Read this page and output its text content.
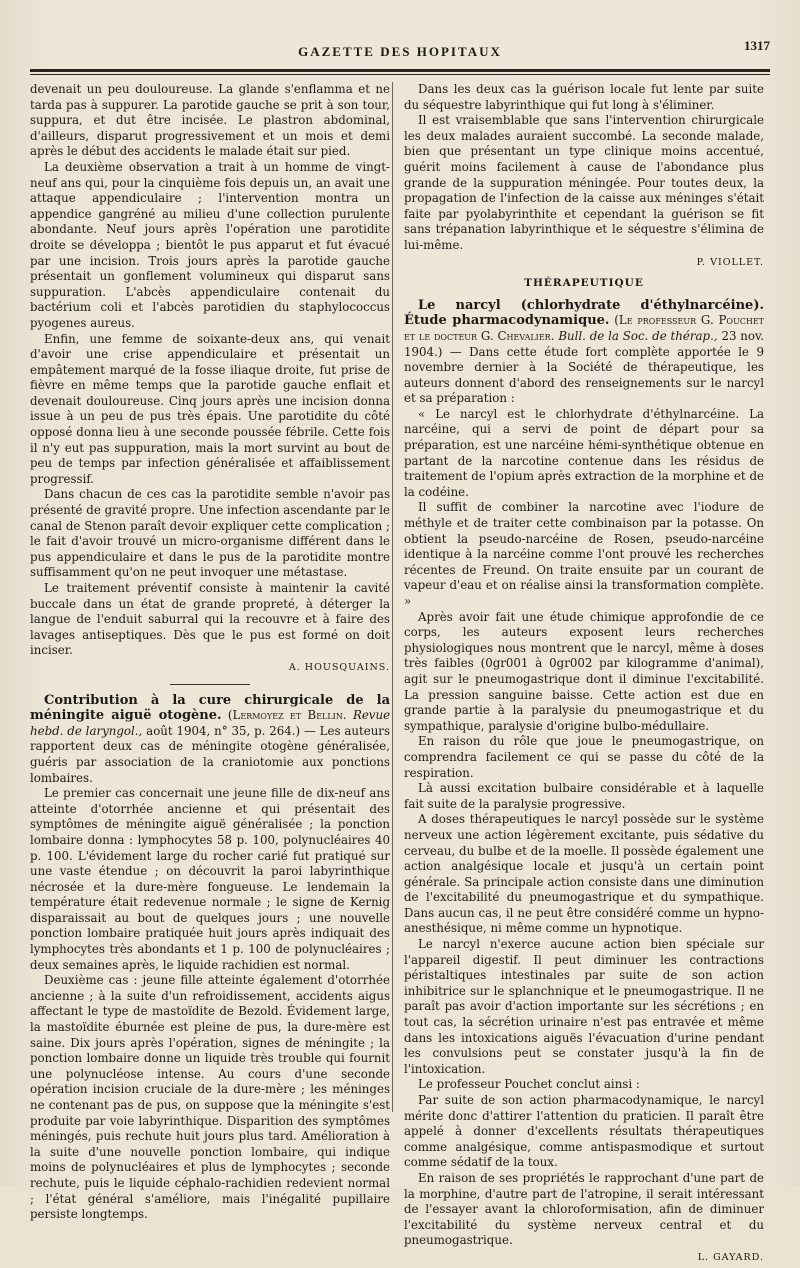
GAZETTE DES HOPITAUX	1317

devenait un peu douloureuse. La glande s'enflamma et ne tarda pas à suppurer. La parotide gauche se prit à son tour, suppura, et dut être incisée. Le plastron abdominal, d'ailleurs, disparut progressivement et un mois et demi après le début des accidents le malade était sur pied.

La deuxième observation a trait à un homme de vingt-neuf ans qui, pour la cinquième fois depuis un, an avait une attaque appendiculaire ; l'intervention montra un appendice gangréné au milieu d'une collection purulente abondante. Neuf jours après l'opération une parotidite droite se développa ; bientôt le pus apparut et fut évacué par une incision. Trois jours après la parotide gauche présentait un gonflement volumineux qui disparut sans suppuration. L'abcès appendiculaire contenait du bactérium coli et l'abcès parotidien du staphylococcus pyogenes aureus.

Enfin, une femme de soixante-deux ans, qui venait d'avoir une crise appendiculaire et présentait un empâtement marqué de la fosse iliaque droite, fut prise de fièvre en même temps que la parotide gauche enflait et devenait douloureuse. Cinq jours après une incision donna issue à un peu de pus très épais. Une parotidite du côté opposé donna lieu à une seconde poussée fébrile. Cette fois il n'y eut pas suppuration, mais la mort survint au bout de peu de temps par infection généralisée et affaiblissement progressif.

Dans chacun de ces cas la parotidite semble n'avoir pas présenté de gravité propre. Une infection ascendante par le canal de Stenon paraît devoir expliquer cette complication ; le fait d'avoir trouvé un micro-organisme différent dans le pus appendiculaire et dans le pus de la parotidite montre suffisamment qu'on ne peut invoquer une métastase.

Le traitement préventif consiste à maintenir la cavité buccale dans un état de grande propreté, à déterger la langue de l'enduit saburral qui la recouvre et à faire des lavages antiseptiques. Dès que le pus est formé on doit inciser.

A. HOUSQUAINS.

Contribution à la cure chirurgicale de la méningite aiguë otogène. (Lermoyez et Bellin. Revue hebd. de laryngol., août 1904, n° 35, p. 264.) — Les auteurs rapportent deux cas de méningite otogène généralisée, guéris par association de la craniotomie aux ponctions lombaires.

Le premier cas concernait une jeune fille de dix-neuf ans atteinte d'otorrhée ancienne et qui présentait des symptômes de méningite aiguë généralisée ; la ponction lombaire donna : lymphocytes 58 p. 100, polynucléaires 40 p. 100. L'évidement large du rocher carié fut pratiqué sur une vaste étendue ; on découvrit la paroi labyrinthique nécrosée et la dure-mère fongueuse. Le lendemain la température était redevenue normale ; le signe de Kernig disparaissait au bout de quelques jours ; une nouvelle ponction lombaire pratiquée huit jours après indiquait des lymphocytes très abondants et 1 p. 100 de polynucléaires ; deux semaines après, le liquide rachidien est normal.

Deuxième cas : jeune fille atteinte également d'otorrhée ancienne ; à la suite d'un refroidissement, accidents aigus affectant le type de mastoïdite de Bezold. Évidement large, la mastoïdite éburnée est pleine de pus, la dure-mère est saine. Dix jours après l'opération, signes de méningite ; la ponction lombaire donne un liquide très trouble qui fournit une polynucléose intense. Au cours d'une seconde opération incision cruciale de la dure-mère ; les méninges ne contenant pas de pus, on suppose que la méningite s'est produite par voie labyrinthique. Disparition des symptômes méningés, puis rechute huit jours plus tard. Amélioration à la suite d'une nouvelle ponction lombaire, qui indique moins de polynucléaires et plus de lymphocytes ; seconde rechute, puis le liquide céphalo-rachidien redevient normal ; l'état général s'améliore, mais l'inégalité pupillaire persiste longtemps.

Dans les deux cas la guérison locale fut lente par suite du séquestre labyrinthique qui fut long à s'éliminer.

Il est vraisemblable que sans l'intervention chirurgicale les deux malades auraient succombé. La seconde malade, bien que présentant un type clinique moins accentué, guérit moins facilement à cause de l'abondance plus grande de la suppuration méningée. Pour toutes deux, la propagation de l'infection de la caisse aux méninges s'était faite par pyolabyrinthite et cependant la guérison se fit sans trépanation labyrinthique et le séquestre s'élimina de lui-même.

P. VIOLLET.

THÉRAPEUTIQUE

Le narcyl (chlorhydrate d'éthylnarcéine). Étude pharmacodynamique. (Le professeur G. Pouchet et le docteur G. Chevalier. Bull. de la Soc. de thérap., 23 nov. 1904.) — Dans cette étude fort complète apportée le 9 novembre dernier à la Société de thérapeutique, les auteurs donnent d'abord des renseignements sur le narcyl et sa préparation :

« Le narcyl est le chlorhydrate d'éthylnarcéine. La narcéine, qui a servi de point de départ pour sa préparation, est une narcéine hémi-synthétique obtenue en partant de la narcotine contenue dans les résidus de traitement de l'opium après extraction de la morphine et de la codéine.

Il suffit de combiner la narcotine avec l'iodure de méthyle et de traiter cette combinaison par la potasse. On obtient la pseudo-narcéine de Rosen, pseudo-narcéine identique à la narcéine comme l'ont prouvé les recherches récentes de Freund. On traite ensuite par un courant de vapeur d'eau et on réalise ainsi la transformation complète. »

Après avoir fait une étude chimique approfondie de ce corps, les auteurs exposent leurs recherches physiologiques nous montrent que le narcyl, même à doses très faibles (0gr001 à 0gr002 par kilogramme d'animal), agit sur le pneumogastrique dont il diminue l'excitabilité. La pression sanguine baisse. Cette action est due en grande partie à la paralysie du pneumogastrique et du sympathique, paralysie d'origine bulbo-médullaire.

En raison du rôle que joue le pneumogastrique, on comprendra facilement ce qui se passe du côté de la respiration.

Là aussi excitation bulbaire considérable et à laquelle fait suite de la paralysie progressive.

A doses thérapeutiques le narcyl possède sur le système nerveux une action légèrement excitante, puis sédative du cerveau, du bulbe et de la moelle. Il possède également une action analgésique locale et jusqu'à un certain point générale. Sa principale action consiste dans une diminution de l'excitabilité du pneumogastrique et du sympathique. Dans aucun cas, il ne peut être considéré comme un hypno-anesthésique, ni même comme un hypnotique.

Le narcyl n'exerce aucune action bien spéciale sur l'appareil digestif. Il peut diminuer les contractions péristaltiques intestinales par suite de son action inhibitrice sur le splanchnique et le pneumogastrique. Il ne paraît pas avoir d'action importante sur les sécrétions ; en tout cas, la sécrétion urinaire n'est pas entravée et même dans les intoxications aiguës l'évacuation d'urine pendant les convulsions peut se constater jusqu'à la fin de l'intoxication.

Le professeur Pouchet conclut ainsi :

Par suite de son action pharmacodynamique, le narcyl mérite donc d'attirer l'attention du praticien. Il paraît être appelé à donner d'excellents résultats thérapeutiques comme analgésique, comme antispasmodique et surtout comme sédatif de la toux.

En raison de ses propriétés le rapprochant d'une part de la morphine, d'autre part de l'atropine, il serait intéressant de l'essayer avant la chloroformisation, afin de diminuer l'excitabilité du système nerveux central et du pneumogastrique.

L. GAYARD.
